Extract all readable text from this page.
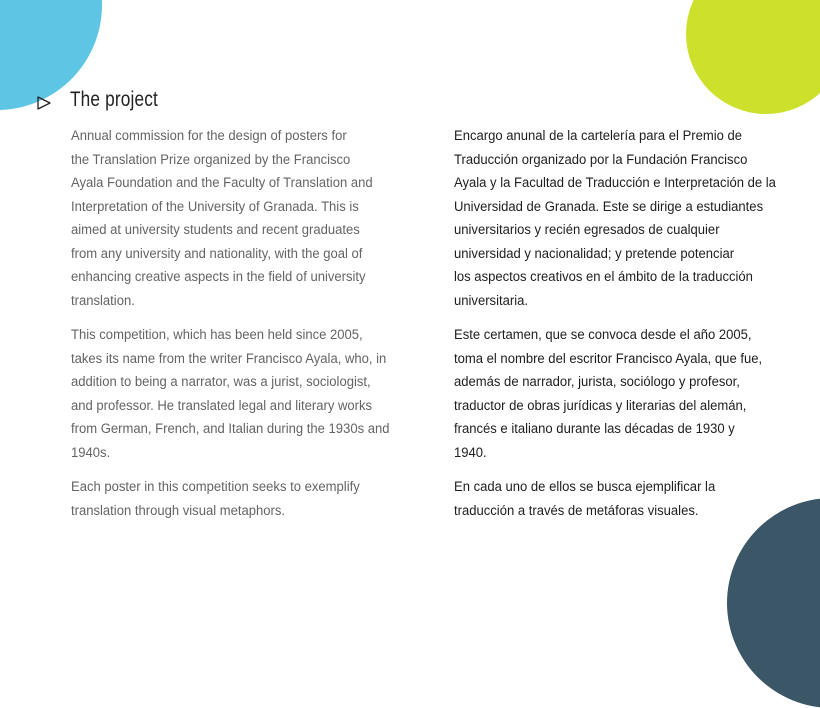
The project

Annual commission for the design of posters for
the Translation Prize organized by the Francisco
Ayala Foundation and the Faculty of Translation and
Interpretation of the University of Granada. This is
aimed at university students and recent graduates
from any university and nationality, with the goal of
enhancing creative aspects in the field of university
translation.

This competition, which has been held since 2005,
takes its name from the writer Francisco Ayala, who, in
addition to being a narrator, was a jurist, sociologist,
and professor. He translated legal and literary works
from German, French, and Italian during the 1930s and
1940s.

Each poster in this competition seeks to exemplify
translation through visual metaphors.

Encargo anunal de la cartelería para el Premio de
Traducción organizado por la Fundación Francisco
Ayala y la Facultad de Traducción e Interpretación de la
Universidad de Granada. Este se dirige a estudiantes
universitarios y recién egresados de cualquier
universidad y nacionalidad; y pretende potenciar
los aspectos creativos en el ámbito de la traducción
universitaria.

Este certamen, que se convoca desde el año 2005,
toma el nombre del escritor Francisco Ayala, que fue,
además de narrador, jurista, sociólogo y profesor,
traductor de obras jurídicas y literarias del alemán,
francés e italiano durante las décadas de 1930 y
1940.

En cada uno de ellos se busca ejemplificar la
traducción a través de metáforas visuales.
